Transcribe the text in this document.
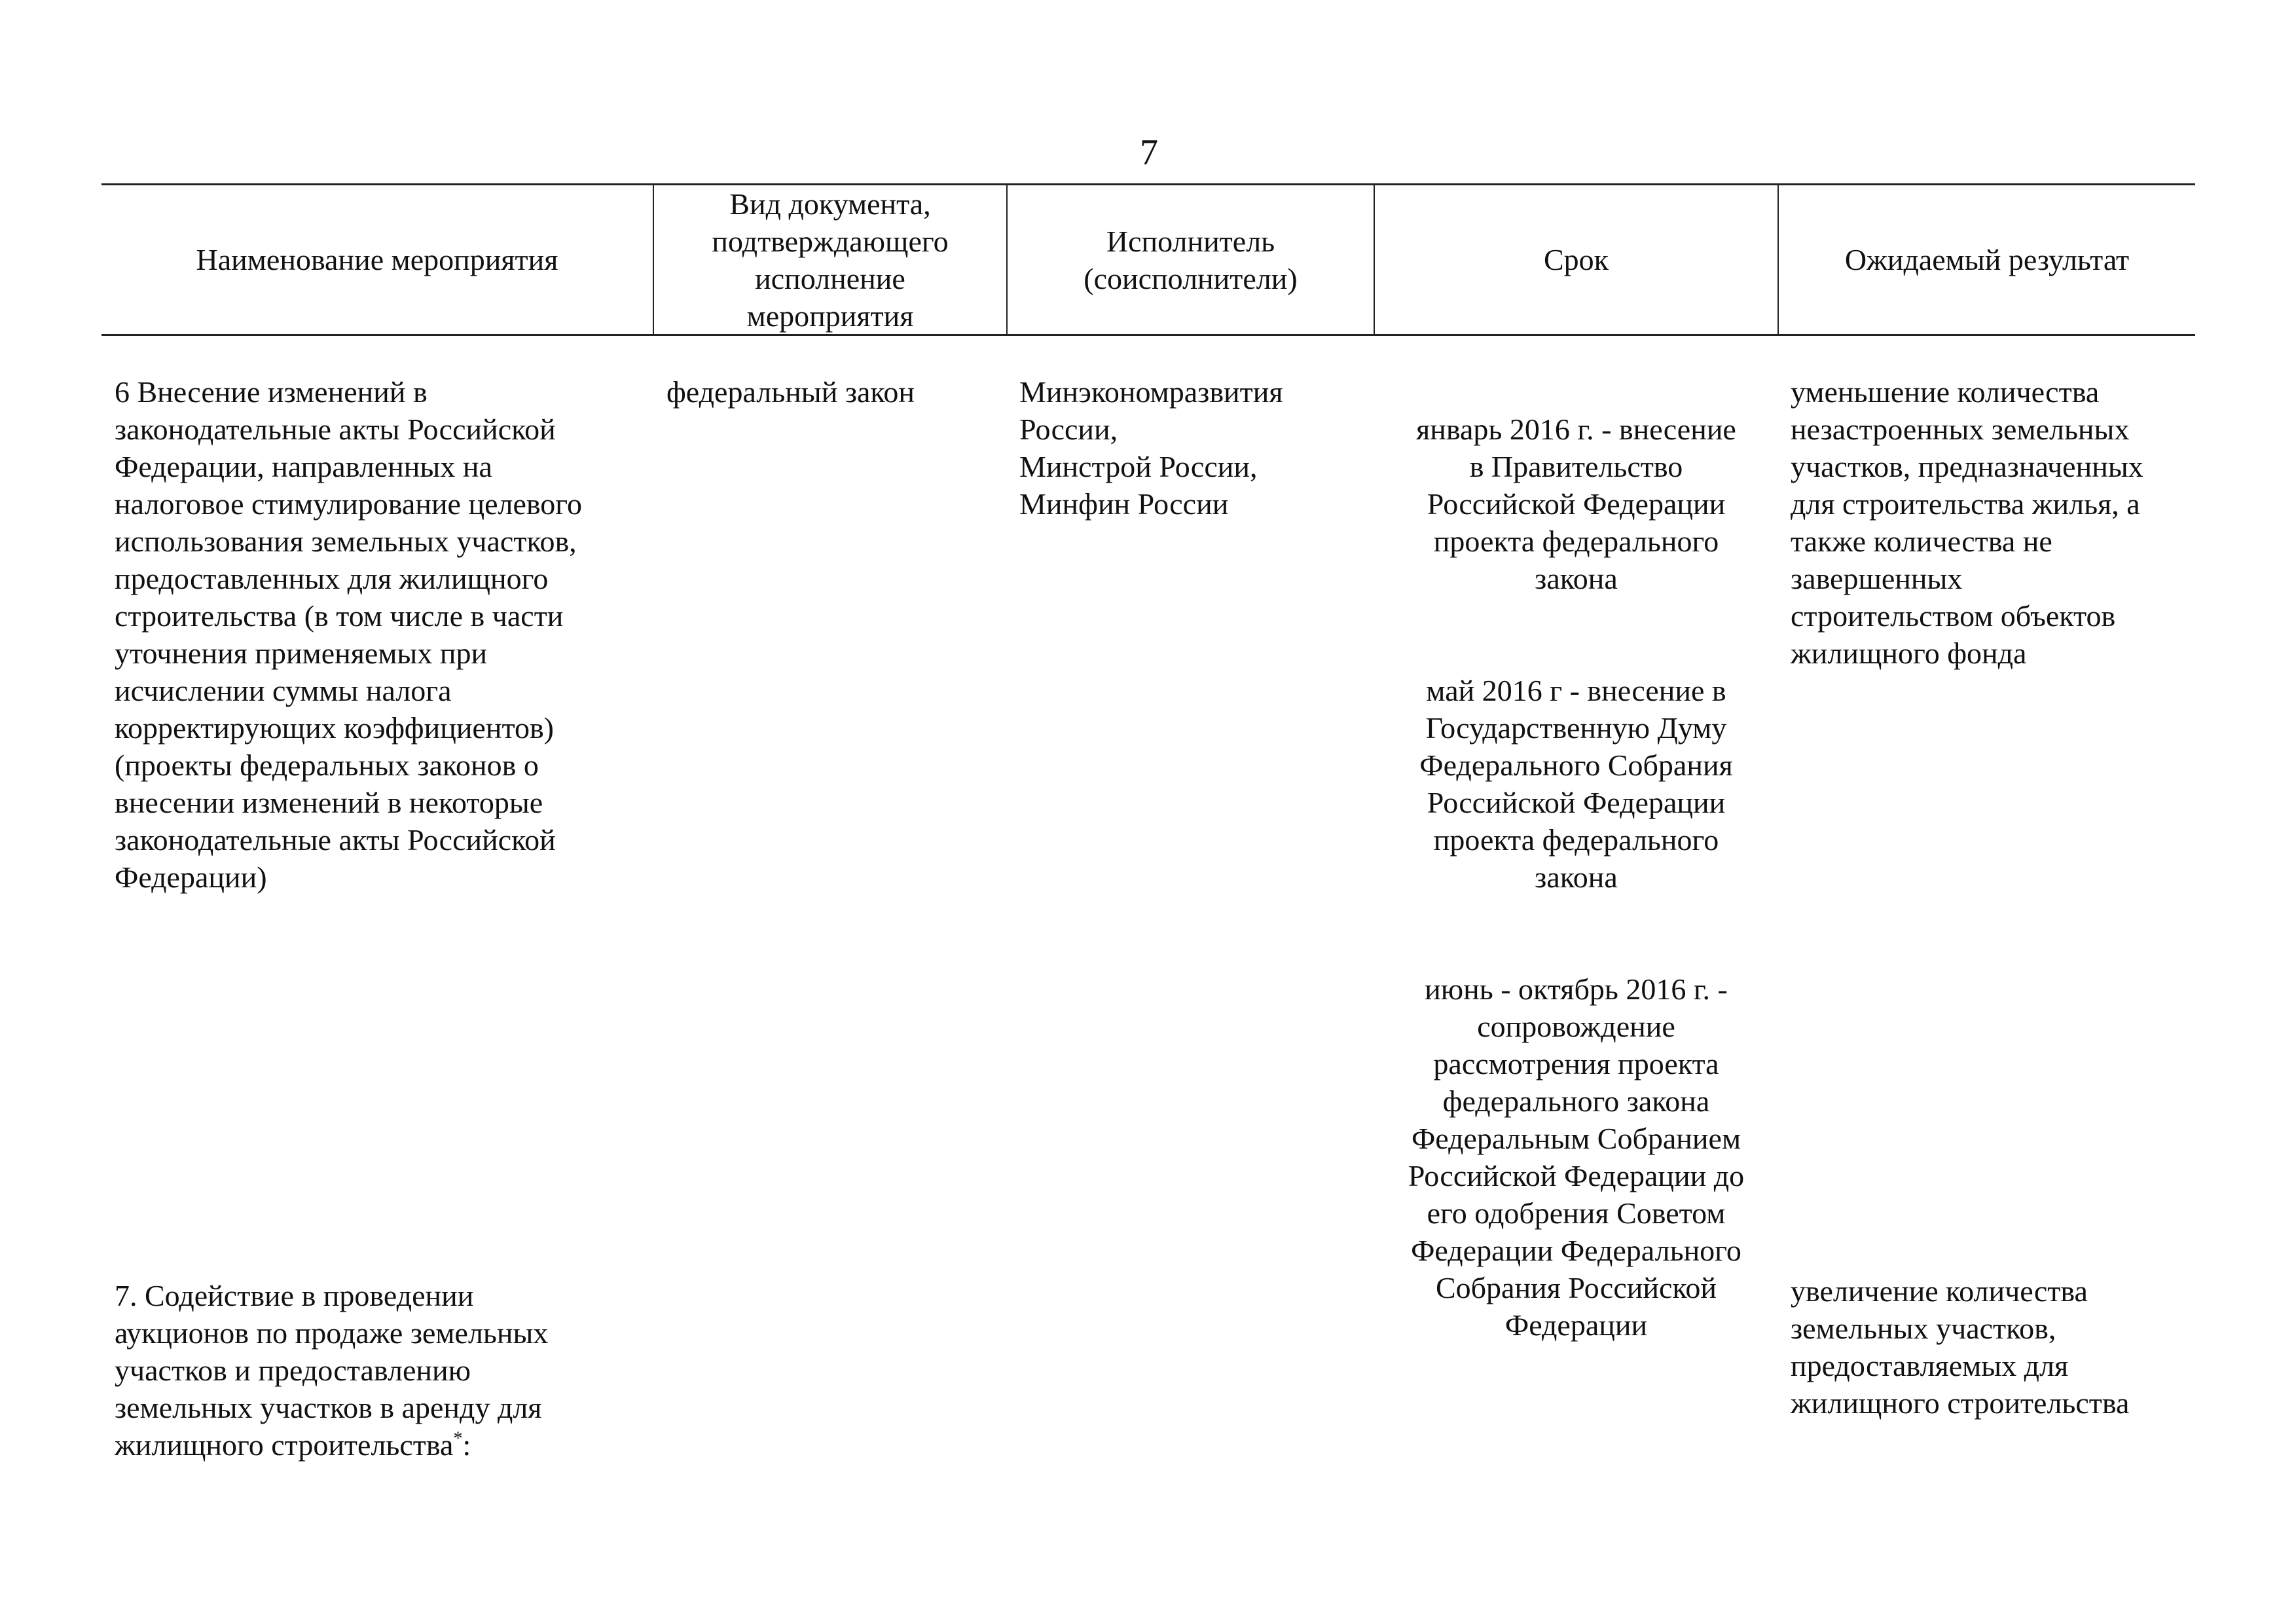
7
Наименование мероприятия
Вид документа,
подтверждающего
исполнение
мероприятия
Исполнитель
(соисполнители)
Срок	Ожидаемый результат
6 Внесение изменений в
законодательные акты Российской
Федерации, направленных на
налоговое стимулирование целевого
использования земельных участков,
предоставленных для жилищного
строительства (в том числе в части
уточнения применяемых при
исчислении суммы налога
корректирующих коэффициентов)
(проекты федеральных законов о
внесении изменений в некоторые
законодательные акты Российской
Федерации)
федеральный закон	Минэкономразвития
России,
Минстрой России,
Минфин России

январь 2016 г. - внесение
в Правительство
Российской Федерации
проекта федерального
закона

май 2016 г - внесение в
Государственную Думу
Федерального Собрания
Российской Федерации
проекта федерального
закона

июнь - октябрь 2016 г. -
сопровождение
рассмотрения проекта
федерального закона
Федеральным Собранием
Российской Федерации до
его одобрения Советом
Федерации Федерального
Собрания Российской
Федерации

уменьшение количества
незастроенных земельных
участков, предназначенных
для строительства жилья, а
также количества не
завершенных
строительством объектов
жилищного фонда
7. Содействие в проведении
аукционов по продаже земельных
участков и предоставлению
земельных участков в аренду для
жилищного строительства*:
увеличение количества
земельных участков,
предоставляемых для
жилищного строительства
